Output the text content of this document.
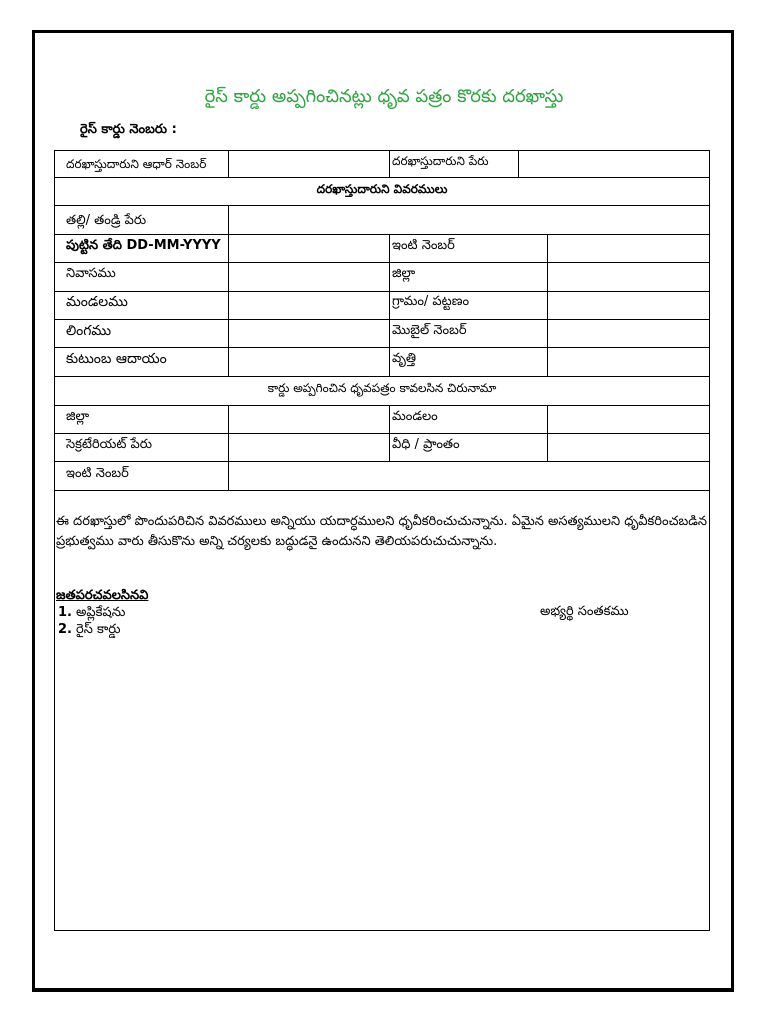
రైస్ కార్డు అప్పగించినట్లు ధృవ పత్రం కొరకు దరఖాస్తు
రైస్ కార్డు నెంబరు :
దరఖాస్తుదారుని ఆధార్ నెంబర్	దరఖాస్తుదారుని పేరు
దరఖాస్తుదారుని వివరములు
తల్లి/ తండ్రి పేరు
పుట్టిన తేది DD-MM-YYYY	ఇంటి నెంబర్
నివాసము	జిల్లా
మండలము	గ్రామం/ పట్టణం
లింగము	మొబైల్ నెంబర్
కుటుంబ ఆదాయం	వృత్తి
కార్డు అప్పగించిన ధృవపత్రం కావలసిన చిరునామా
జిల్లా	మండలం
సెక్రటేరియట్ పేరు	వీధి / ప్రాంతం
ఇంటి నెంబర్
ఈ దరఖాస్తులో పొందుపరిచిన వివరములు అన్నియు యదార్ధములని ధృవీకరించుచున్నాను. ఏమైన అసత్యములని ధృవీకరించబడిన ప్రభుత్వము వారు తీసుకొను అన్ని చర్యలకు బద్ధుడనై ఉందునని తెలియపరుచుచున్నాను.
జతపరచవలసినవి
1. అప్లికేషను
2. రైస్ కార్డు
అభ్యర్థి సంతకము
